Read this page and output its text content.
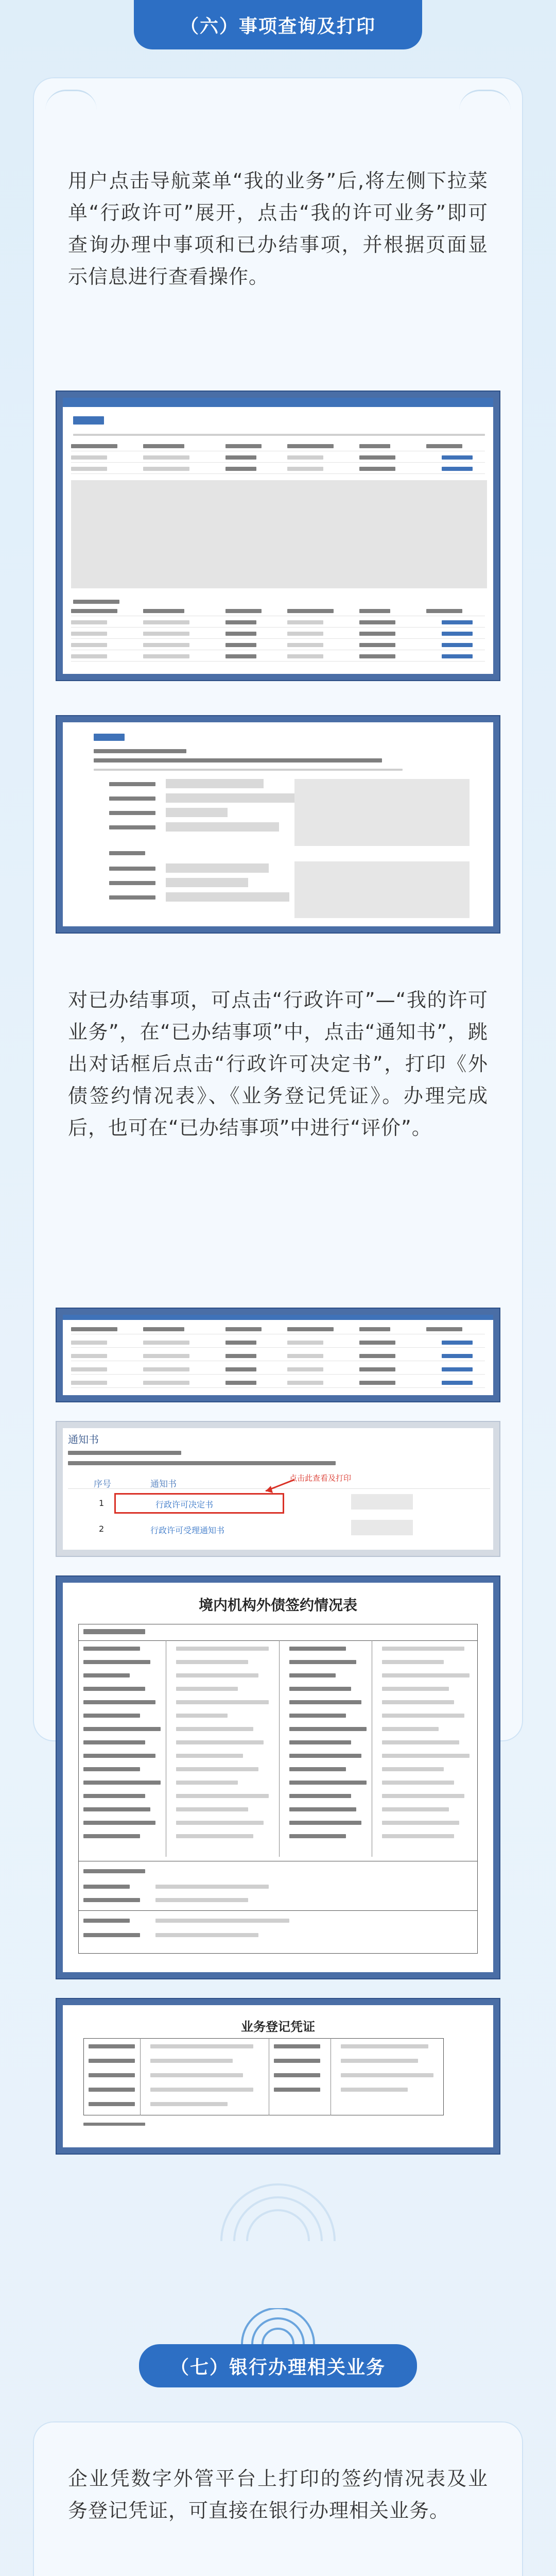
（六）事项查询及打印

用户点击导航菜单“我的业务”后,将左侧下拉菜单“行政许可”展开，点击“我的许可业务”即可查询办理中事项和已办结事项，并根据页面显示信息进行查看操作。

对已办结事项，可点击“行政许可”—“我的许可业务”，在“已办结事项”中，点击“通知书”，跳出对话框后点击“行政许可决定书”，打印《外债签约情况表》、《业务登记凭证》。办理完成后，也可在“已办结事项”中进行“评价”。

通知书
序号	通知书
点击此查看及打印
1	行政许可决定书
2	行政许可受理通知书
境内机构外债签约情况表
业务登记凭证
（七）银行办理相关业务

企业凭数字外管平台上打印的签约情况表及业务登记凭证，可直接在银行办理相关业务。
